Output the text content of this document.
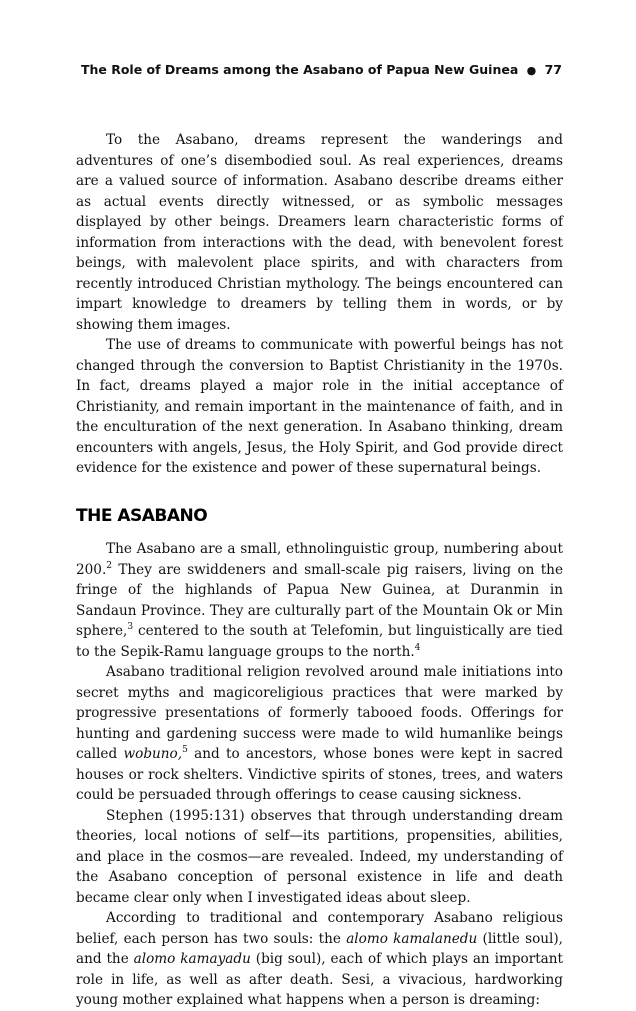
The Role of Dreams among the Asabano of Papua New Guinea ● 77

To the Asabano, dreams represent the wanderings and adventures of one’s disembodied soul. As real experiences, dreams are a valued source of information. Asabano describe dreams either as actual events directly witnessed, or as symbolic messages displayed by other beings. Dreamers learn characteristic forms of information from interactions with the dead, with benevolent forest beings, with malevolent place spirits, and with characters from recently introduced Christian mythology. The beings encountered can impart knowledge to dreamers by telling them in words, or by showing them images.

The use of dreams to communicate with powerful beings has not changed through the conversion to Baptist Christianity in the 1970s. In fact, dreams played a major role in the initial acceptance of Christianity, and remain important in the maintenance of faith, and in the enculturation of the next generation. In Asabano thinking, dream encounters with angels, Jesus, the Holy Spirit, and God provide direct evidence for the existence and power of these supernatural beings.

THE ASABANO

The Asabano are a small, ethnolinguistic group, numbering about 200.$^2$ They are swiddeners and small-scale pig raisers, living on the fringe of the highlands of Papua New Guinea, at Duranmin in Sandaun Province. They are culturally part of the Mountain Ok or Min sphere,$^3$ centered to the south at Telefomin, but linguistically are tied to the Sepik-Ramu language groups to the north.$^4$

Asabano traditional religion revolved around male initiations into secret myths and magicoreligious practices that were marked by progressive presentations of formerly tabooed foods. Offerings for hunting and gardening success were made to wild humanlike beings called wobuno,$^5$ and to ancestors, whose bones were kept in sacred houses or rock shelters. Vindictive spirits of stones, trees, and waters could be persuaded through offerings to cease causing sickness.

Stephen (1995:131) observes that through understanding dream theories, local notions of self—its partitions, propensities, abilities, and place in the cosmos—are revealed. Indeed, my understanding of the Asabano conception of personal existence in life and death became clear only when I investigated ideas about sleep.

According to traditional and contemporary Asabano religious belief, each person has two souls: the alomo kamalanedu (little soul), and the alomo kamayadu (big soul), each of which plays an important role in life, as well as after death. Sesi, a vivacious, hardworking young mother explained what happens when a person is dreaming:
